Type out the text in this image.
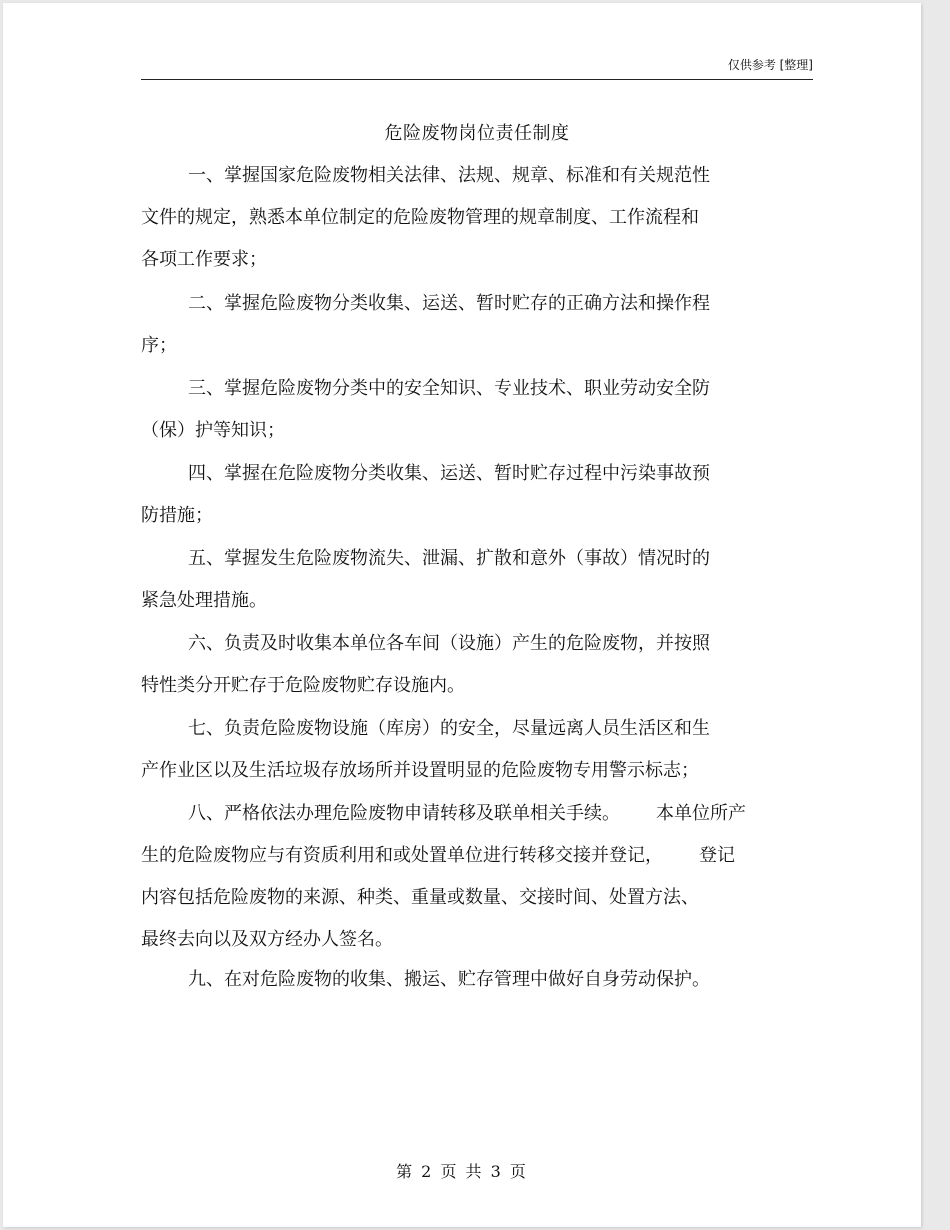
仅供参考 [整理]
危险废物岗位责任制度
一、掌握国家危险废物相关法律、法规、规章、标准和有关规范性
文件的规定，熟悉本单位制定的危险废物管理的规章制度、工作流程和
各项工作要求；
二、掌握危险废物分类收集、运送、暂时贮存的正确方法和操作程
序；
三、掌握危险废物分类中的安全知识、专业技术、职业劳动安全防
（保）护等知识；
四、掌握在危险废物分类收集、运送、暂时贮存过程中污染事故预
防措施；
五、掌握发生危险废物流失、泄漏、扩散和意外（事故）情况时的
紧急处理措施。
六、负责及时收集本单位各车间（设施）产生的危险废物，并按照
特性类分开贮存于危险废物贮存设施内。
七、负责危险废物设施（库房）的安全，尽量远离人员生活区和生
产作业区以及生活垃圾存放场所并设置明显的危险废物专用警示标志；
八、严格依法办理危险废物申请转移及联单相关手续。 本单位所产
生的危险废物应与有资质利用和或处置单位进行转移交接并登记， 登记
内容包括危险废物的来源、种类、重量或数量、交接时间、处置方法、
最终去向以及双方经办人签名。
九、在对危险废物的收集、搬运、贮存管理中做好自身劳动保护。
第 2 页 共 3 页
